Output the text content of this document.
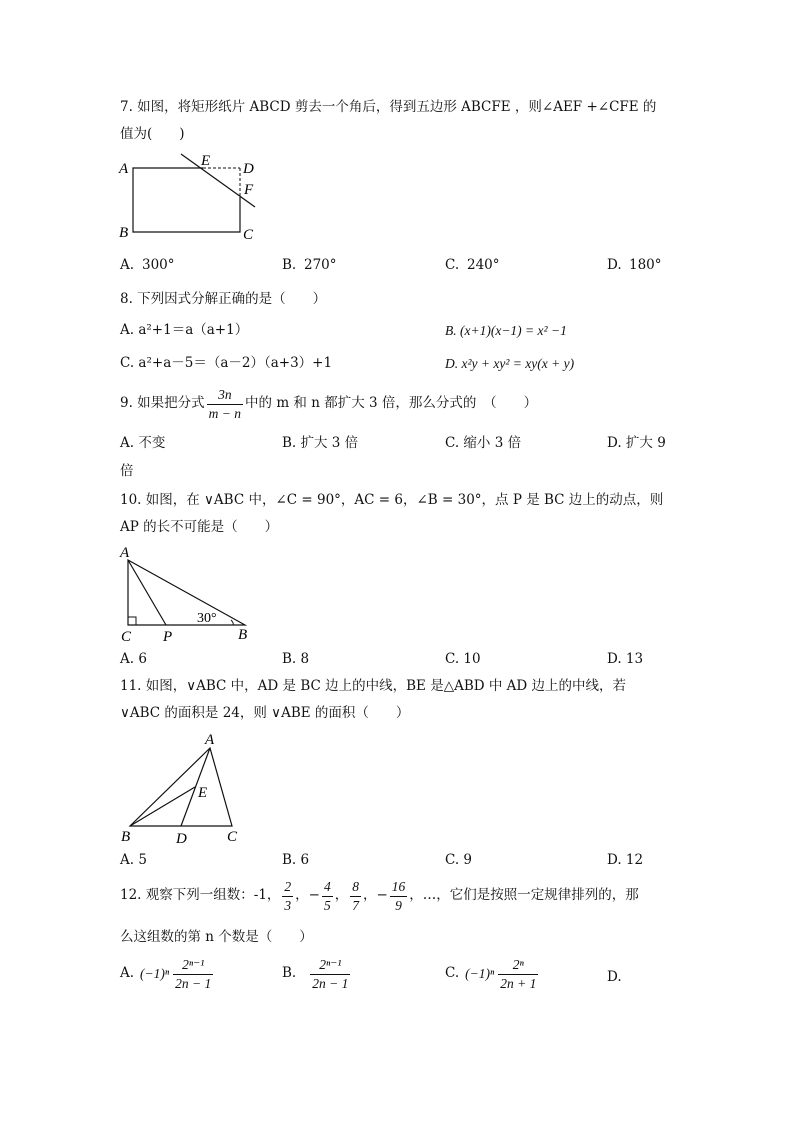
7. 如图，将矩形纸片 ABCD 剪去一个角后，得到五边形 ABCFE ，则∠AEF +∠CFE 的
值为(　　)
A	E D
F
B	C
A. 300°	B. 270°	C. 240°	D. 180°
8. 下列因式分解正确的是（　　）
A. a²+1＝a（a+1）	B. (x+1)(x−1) = x² −1
C. a²+a－5＝（a－2）（a+3）+1	D. x²y + xy² = xy(x + y)
9. 如果把分式 $\frac{3n}{m - n}$ 中的 m 和 n 都扩大 3 倍，那么分式的　（　　）
A. 不变	B. 扩大 3 倍	C. 缩小 3 倍	D. 扩大 9
倍
10. 如图，在 ∨ABC 中，∠C = 90°，AC = 6，∠B = 30°，点 P 是 BC 边上的动点，则
AP 的长不可能是（　　）
A
30°
C P	B
A. 6	B. 8	C. 10	D. 13
11. 如图，∨ABC 中，AD 是 BC 边上的中线，BE 是△ABD 中 AD 边上的中线，若
∨ABC 的面积是 24，则 ∨ABE 的面积（　　）
A
E
B	D	C
A. 5	B. 6	C. 9	D. 12
12. 观察下列一组数：-1， $\frac{2}{3}$ ， − $\frac{4}{5}$ ， $\frac{8}{7}$ ， − $\frac{16}{9}$ ，…，它们是按照一定规律排列的，那
么这组数的第 n 个数是（　　）
A. $(-1)^n \frac{\text{2ⁿ⁻¹}}{2n - 1}$	B. $\frac{\text{2ⁿ⁻¹}}{2n - 1}$	C. $(-1)^n \frac{\text{2ⁿ}}{2n + 1}$	D.
